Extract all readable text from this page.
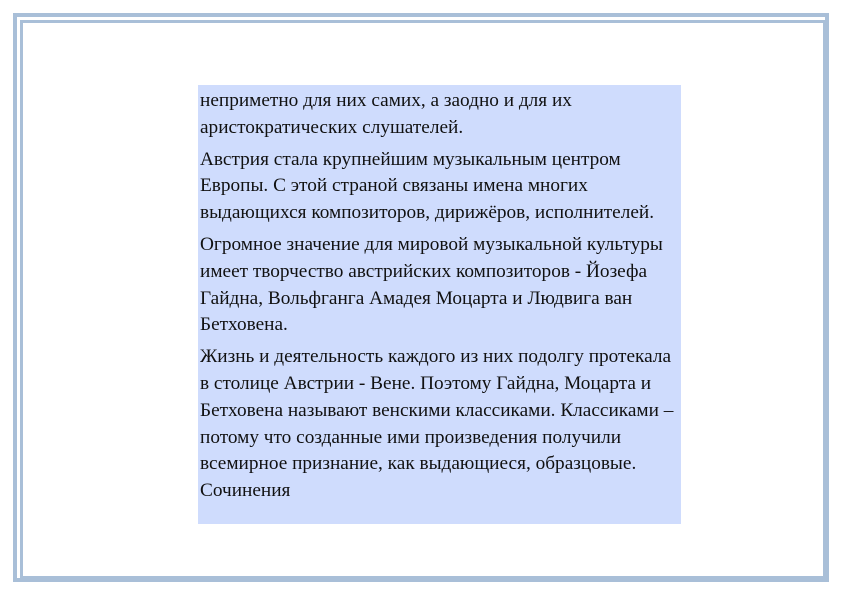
неприметно для них самих, а заодно и для их аристократических слушателей.

Австрия стала крупнейшим музыкальным центром Европы. С этой страной связаны имена многих выдающихся композиторов, дирижёров, исполнителей.

Огромное значение для мировой музыкальной культуры имеет творчество австрийских композиторов - Йозефа Гайдна, Вольфганга Амадея Моцарта и Людвига ван Бетховена.

Жизнь и деятельность каждого из них подолгу протекала в столице Австрии - Вене. Поэтому Гайдна, Моцарта и Бетховена называют венскими классиками. Классиками – потому что созданные ими произведения получили всемирное признание, как выдающиеся, образцовые. Сочинения
